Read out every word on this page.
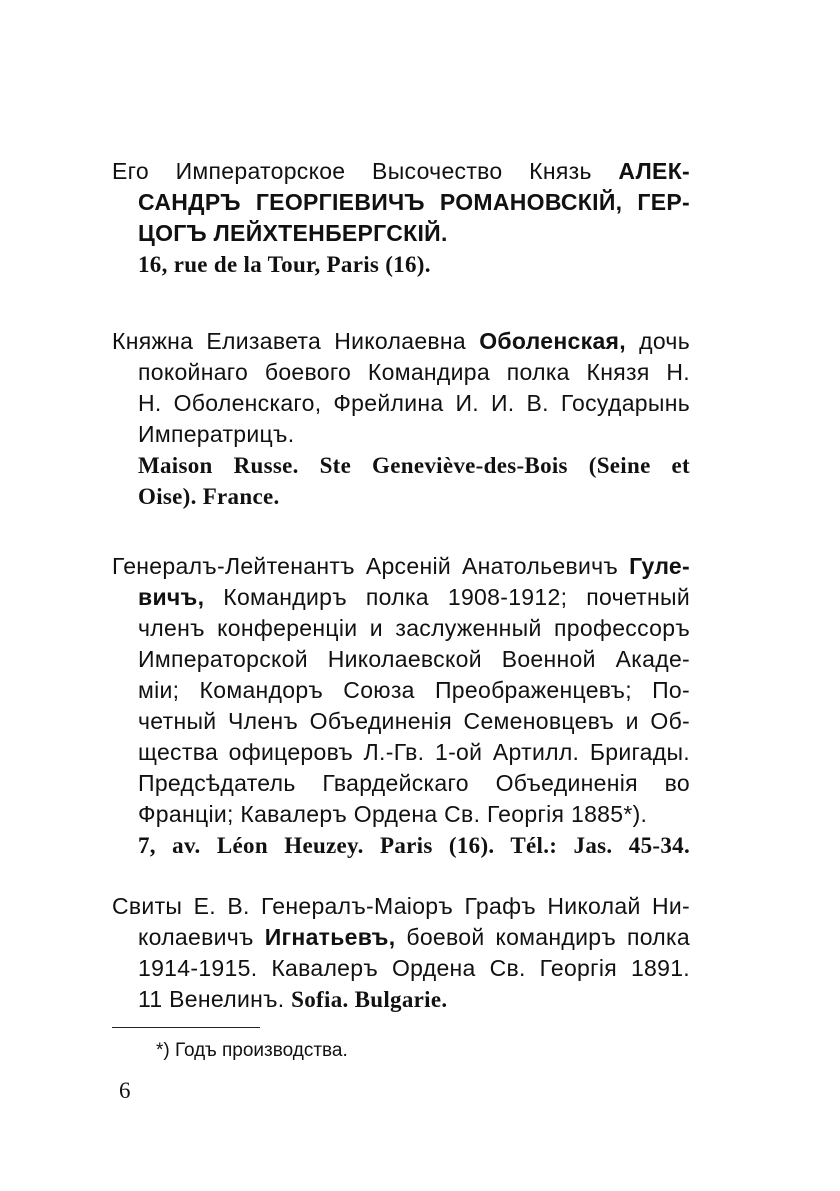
Его Императорское Высочество Князь АЛЕК-
САНДРЪ ГЕОРГІЕВИЧЪ РОМАНОВСКІЙ, ГЕР-
ЦОГЪ ЛЕЙХТЕНБЕРГСКІЙ.
16, rue de la Tour, Paris (16).
Княжна Елизавета Николаевна Оболенская, дочь
покойнаго боевого Командира полка Князя Н.
Н. Оболенскаго, Фрейлина И. И. В. Государынь
Императрицъ.
Maison Russe. Ste Geneviève-des-Bois (Seine et
Oise). France.
Генералъ-Лейтенантъ Арсеній Анатольевичъ Гуле-
вичъ, Командиръ полка 1908-1912; почетный
членъ конференціи и заслуженный профессоръ
Императорской Николаевской Военной Акаде-
міи; Командоръ Союза Преображенцевъ; По-
четный Членъ Объединенія Семеновцевъ и Об-
щества офицеровъ Л.-Гв. 1-ой Артилл. Бригады.
Предсѣдатель Гвардейскаго Объединенія во
Франціи; Кавалеръ Ордена Св. Георгія 1885*).
7, av. Léon Heuzey. Paris (16). Tél.: Jas. 45-34.
Свиты Е. В. Генералъ-Маіоръ Графъ Николай Ни-
колаевичъ Игнатьевъ, боевой командиръ полка
1914-1915. Кавалеръ Ордена Св. Георгія 1891.
11 Венелинъ. Sofia. Bulgarie.
*) Годъ производства.
6
